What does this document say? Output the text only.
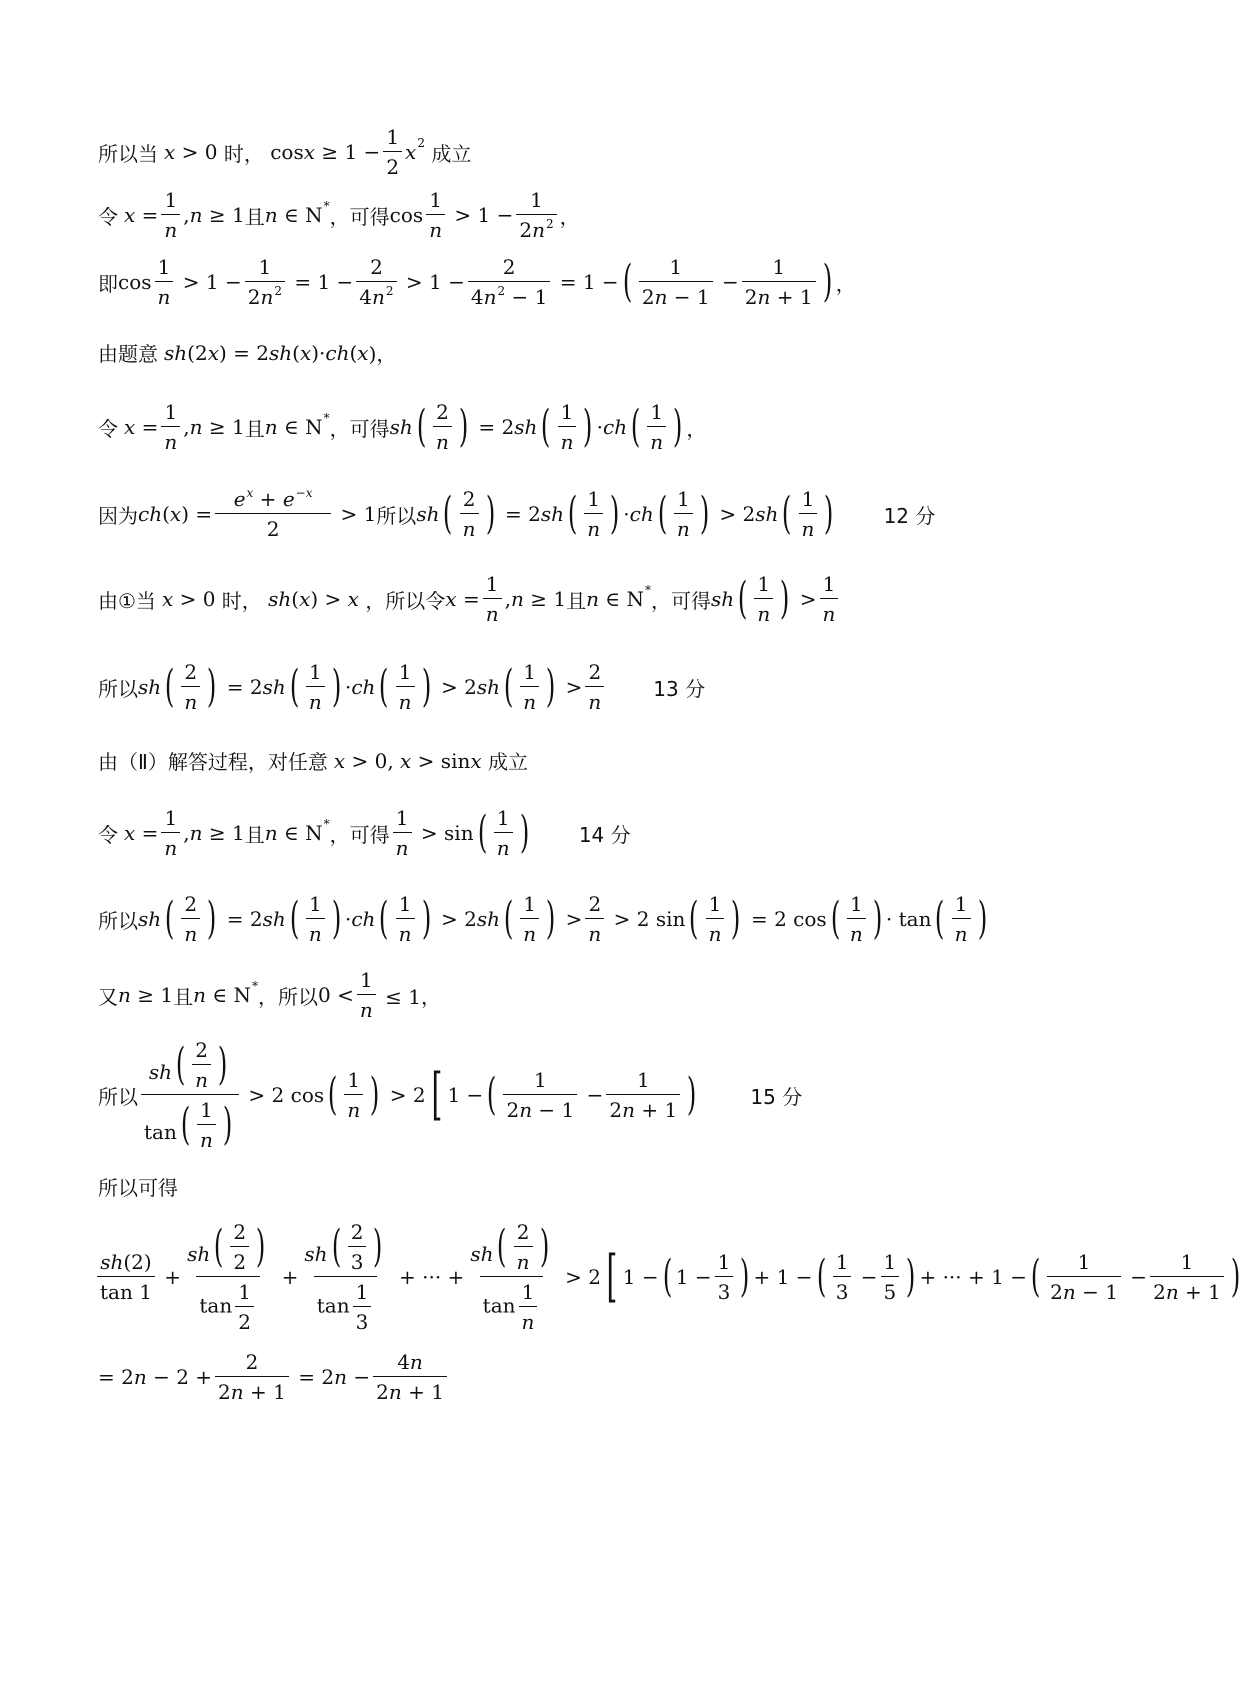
所以当 x > 0 时， $\cos x \ge 1 - \frac{1}{2}$ x 2
成立
令 $x = \frac{1}{n}$ , n ≥ 1 且 n ∈ N * ，可得 $\cos \frac{1}{n} > 1 - \frac{1}{2n^2}$ ，
即 $\cos \frac{1}{n} > 1 - \frac{1}{2n^2} = 1 - \frac{2}{4n^2} > 1 - \frac{2}{4n^2 - 1} = 1$ − ( $\frac{1}{2n - 1} - \frac{1}{2n + 1}$ ) ，
由题意 sh (2 x ) = 2 sh ( x )· ch ( x )，
令 $x = \frac{1}{n}$ , n ≥ 1 且 n ∈ N * ，可得 sh ( $\frac{2}{n}$ ) = 2 sh ( $\frac{1}{n}$ ) · ch ( $\frac{1}{n}$ ) ，
因为 ch ( x ) = $\frac{e^x + e^{-x}}{2} > 1$ 所以 sh ( $\frac{2}{n}$ ) = 2 sh ( $\frac{1}{n}$ ) · ch ( $\frac{1}{n}$ ) > 2 sh ( $\frac{1}{n}$ ) 12 分
由①当 x > 0 时，
sh ( x ) > x
，所以令 $x = \frac{1}{n}$ , n ≥ 1 且 n ∈ N * ，可得 sh ( $\frac{1}{n}$ ) > $\frac{1}{n}$
所以 sh ( $\frac{2}{n}$ ) = 2 sh ( $\frac{1}{n}$ ) · ch ( $\frac{1}{n}$ ) > 2 sh ( $\frac{1}{n}$ ) > $\frac{2}{n} 13$ 分
由（Ⅱ）解答过程，对任意 x > 0, x > sin x
成立
令 $x = \frac{1}{n}$ , n ≥ 1 且 n ∈ N * ，可得 $\frac{1}{n} > \sin$ ( $\frac{1}{n}$ ) 14 分
所以 sh ( $\frac{2}{n}$ ) = 2 sh ( $\frac{1}{n}$ ) · ch ( $\frac{1}{n}$ ) > 2 sh ( $\frac{1}{n}$ ) > $\frac{2}{n} > 2$ sin ( $\frac{1}{n}$ ) = 2 cos ( $\frac{1}{n}$ ) · tan ( $\frac{1}{n}$ )
又 n ≥ 1 且 n ∈ N * ，所以 $0 < \frac{1}{n} \le 1$，
所以 $\frac{sh ( \frac{2}{n} )}{\tan ( \frac{1}{n} )} > 2$ cos ( $\frac{1}{n}$ ) > 2 [ 1 − ( $\frac{1}{2n - 1} - \frac{1}{2n + 1}$ )	15 分
所以可得
$\frac{sh(2)}{\tan 1} + \frac{sh ( \frac{2}{2} )}{\tan \frac{1}{2}} + \frac{sh ( \frac{2}{3} )}{\tan \frac{1}{3}}$ + ··· + $\frac{sh ( \frac{2}{n} )}{\tan \frac{1}{n}} > 2$ [ 1 − ( $1 - \frac{1}{3}$ ) + 1 − ( $\frac{1}{3} - \frac{1}{5}$ ) + ··· + 1 − ( $\frac{1}{2n - 1} - \frac{1}{2n + 1}$ )
= 2 $n - 2 + \frac{2}{2n + 1} = 2$ $n - \frac{4n}{2n + 1}$
